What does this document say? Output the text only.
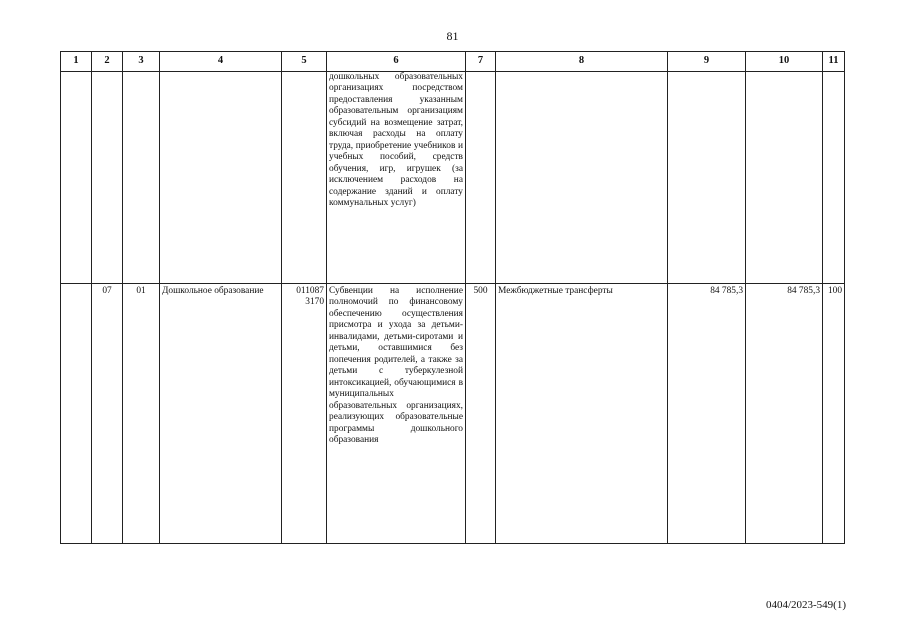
81
1	2	3	4	5	6	7	8	9	10	11
					дошкольных образовательных организациях посредством предоставления указанным образовательным организациям субсидий на возмещение затрат, включая расходы на оплату труда, приобретение учебников и учебных пособий, средств обучения, игр, игрушек (за исключением расходов на содержание зданий и оплату коммунальных услуг)					
	07	01	Дошкольное образование	011087 3170	Субвенции на исполнение полномочий по финансовому обеспечению осуществления присмотра и ухода за детьми-инвалидами, детьми-сиротами и детьми, оставшимися без попечения родителей, а также за детьми с туберкулезной интоксикацией, обучающимися в муниципальных образовательных организациях, реализующих образовательные программы дошкольного образования	500	Межбюджетные трансферты	84 785,3	84 785,3	100
0404/2023-549(1)
